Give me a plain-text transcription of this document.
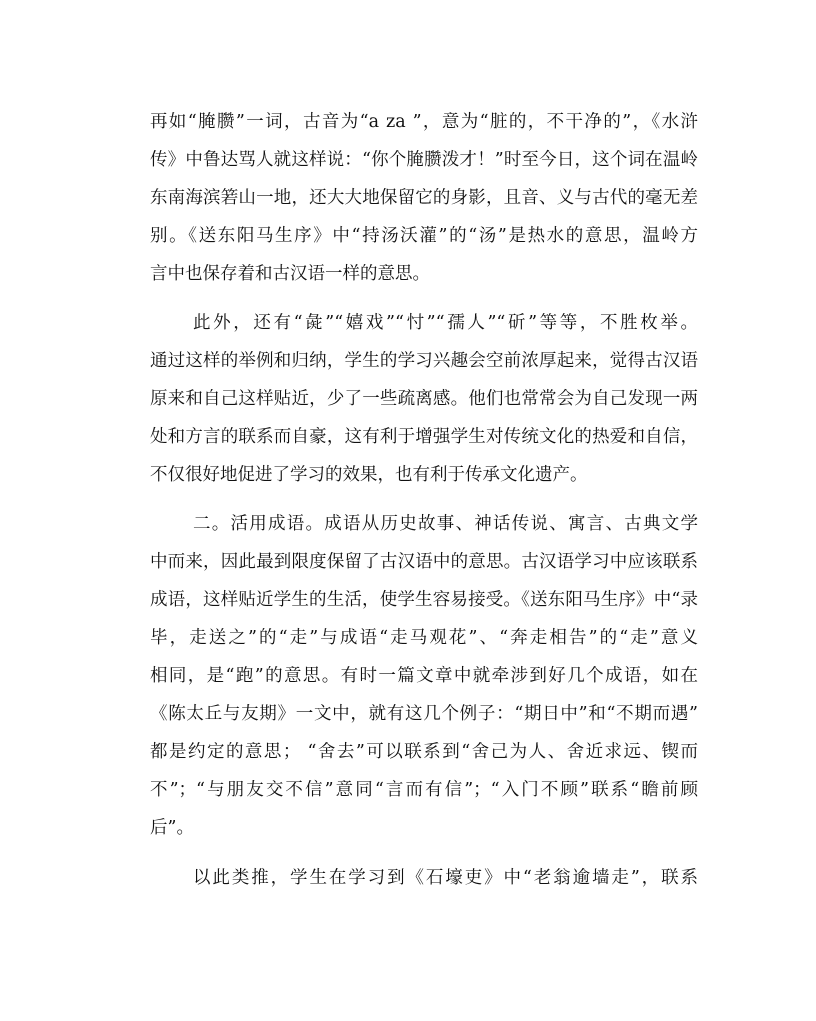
再如“腌臜”一词，古音为“a za ”，意为“脏的，不干净的”，《水浒
传》中鲁达骂人就这样说：“你个腌臜泼才！”时至今日，这个词在温岭
东南海滨箬山一地，还大大地保留它的身影，且音、义与古代的毫无差
别。《送东阳马生序》中“持汤沃灌”的“汤”是热水的意思，温岭方
言中也保存着和古汉语一样的意思。
此外，还有“彘”“嬉戏”“忖”“孺人”“斫”等等，不胜枚举。
通过这样的举例和归纳，学生的学习兴趣会空前浓厚起来，觉得古汉语
原来和自己这样贴近，少了一些疏离感。他们也常常会为自己发现一两
处和方言的联系而自豪，这有利于增强学生对传统文化的热爱和自信，
不仅很好地促进了学习的效果，也有利于传承文化遗产。
二。活用成语。成语从历史故事、神话传说、寓言、古典文学
中而来，因此最到限度保留了古汉语中的意思。古汉语学习中应该联系
成语，这样贴近学生的生活，使学生容易接受。《送东阳马生序》中“录
毕，走送之”的“走”与成语“走马观花”、“奔走相告”的“走”意义
相同，是“跑”的意思。有时一篇文章中就牵涉到好几个成语，如在
《陈太丘与友期》一文中，就有这几个例子：“期日中”和“不期而遇”
都是约定的意思； “舍去”可以联系到“舍己为人、舍近求远、锲而
不”；“与朋友交不信”意同“言而有信”；“入门不顾”联系“瞻前顾
后”。
以此类推，学生在学习到《石壕吏》中“老翁逾墙走”，联系
